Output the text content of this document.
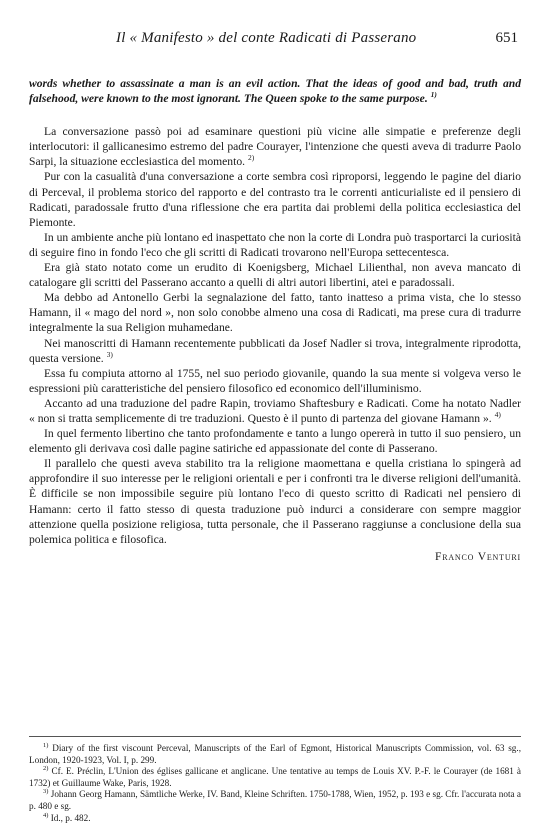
Il « Manifesto » del conte Radicati di Passerano	651

words whether to assassinate a man is an evil action. That the ideas of good and bad, truth and falsehood, were known to the most ignorant. The Queen spoke to the same purpose. $^{1)}$

La conversazione passò poi ad esaminare questioni più vicine alle simpatie e preferenze degli interlocutori: il gallicanesimo estremo del padre Courayer, l'intenzione che questi aveva di tradurre Paolo Sarpi, la situazione ecclesiastica del momento. $^{2)}$

Pur con la casualità d'una conversazione a corte sembra così riproporsi, leggendo le pagine del diario di Perceval, il problema storico del rapporto e del contrasto tra le correnti anticurialiste ed il pensiero di Radicati, paradossale frutto d'una riflessione che era partita dai problemi della politica ecclesiastica del Piemonte.

In un ambiente anche più lontano ed inaspettato che non la corte di Londra può trasportarci la curiosità di seguire fino in fondo l'eco che gli scritti di Radicati trovarono nell'Europa settecentesca.

Era già stato notato come un erudito di Koenigsberg, Michael Lilienthal, non aveva mancato di catalogare gli scritti del Passerano accanto a quelli di altri autori libertini, atei e paradossali.

Ma debbo ad Antonello Gerbi la segnalazione del fatto, tanto inatteso a prima vista, che lo stesso Hamann, il « mago del nord », non solo conobbe almeno una cosa di Radicati, ma prese cura di tradurre integralmente la sua Religion muhamedane.

Nei manoscritti di Hamann recentemente pubblicati da Josef Nadler si trova, integralmente riprodotta, questa versione. $^{3)}$

Essa fu compiuta attorno al 1755, nel suo periodo giovanile, quando la sua mente si volgeva verso le espressioni più caratteristiche del pensiero filosofico ed economico dell'illuminismo.

Accanto ad una traduzione del padre Rapin, troviamo Shaftesbury e Radicati. Come ha notato Nadler « non si tratta semplicemente di tre traduzioni. Questo è il punto di partenza del giovane Hamann ». $^{4)}$

In quel fermento libertino che tanto profondamente e tanto a lungo opererà in tutto il suo pensiero, un elemento gli derivava così dalle pagine satiriche ed appassionate del conte di Passerano.

Il parallelo che questi aveva stabilito tra la religione maomettana e quella cristiana lo spingerà ad approfondire il suo interesse per le religioni orientali e per i confronti tra le diverse religioni dell'umanità. È difficile se non impossibile seguire più lontano l'eco di questo scritto di Radicati nel pensiero di Hamann: certo il fatto stesso di questa traduzione può indurci a considerare con sempre maggior attenzione quella posizione religiosa, tutta personale, che il Passerano raggiunse a conclusione della sua polemica politica e filosofica.

Franco Venturi

$^{1)}$ Diary of the first viscount Perceval, Manuscripts of the Earl of Egmont, Historical Manuscripts Commission, vol. 63 sg., London, 1920-1923, Vol. I, p. 299.

$^{2)}$ Cf. E. Préclin, L'Union des églises gallicane et anglicane. Une tentative au temps de Louis XV. P.-F. le Courayer (de 1681 à 1732) et Guillaume Wake, Paris, 1928.

$^{3)}$ Johann Georg Hamann, Sämtliche Werke, IV. Band, Kleine Schriften. 1750-1788, Wien, 1952, p. 193 e sg. Cfr. l'accurata nota a p. 480 e sg.

$^{4)}$ Id., p. 482.
